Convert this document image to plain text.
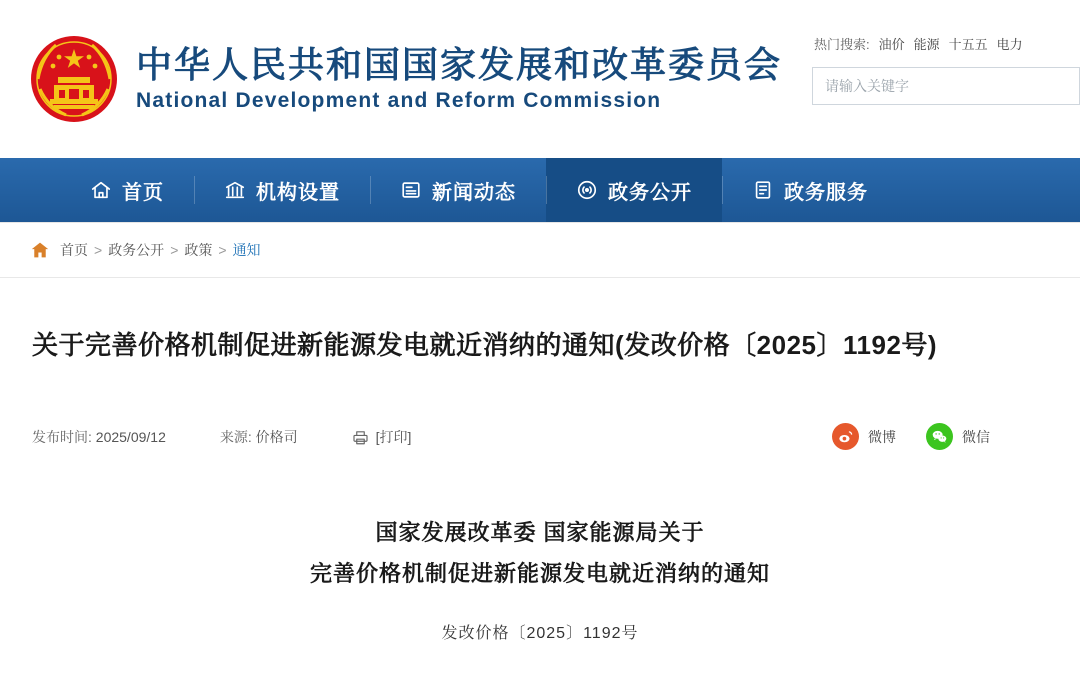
中华人民共和国国家发展和改革委员会
National Development and Reform Commission
热门搜索: 油价 能源 十五五 电力
请输入关键字
首页	机构设置	新闻动态	政务公开	政务服务
首页 > 政务公开 > 政策 > 通知
关于完善价格机制促进新能源发电就近消纳的通知(发改价格〔2025〕1192号)
发布时间: 2025/09/12	来源: 价格司	[打印]	微博	微信
国家发展改革委 国家能源局关于
完善价格机制促进新能源发电就近消纳的通知
发改价格〔2025〕1192号
